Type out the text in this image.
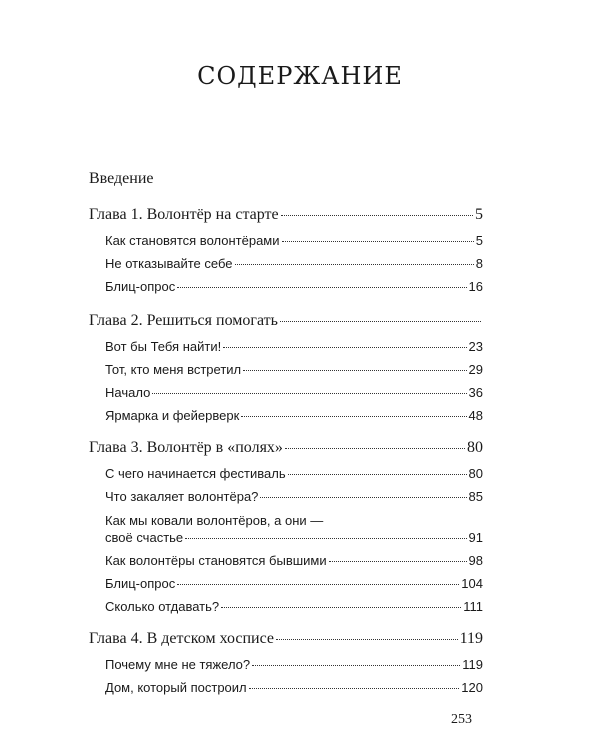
СОДЕРЖАНИЕ
Введение
Глава 1. Волонтёр на старте	5
Как становятся волонтёрами	5
Не отказывайте себе	8
Блиц-опрос	16
Глава 2. Решиться помогать
Вот бы Тебя найти!	23
Тот, кто меня встретил	29
Начало	36
Ярмарка и фейерверк	48
Глава 3. Волонтёр в «полях»	80
С чего начинается фестиваль	80
Что закаляет волонтёра?	85
Как мы ковали волонтёров, а они —
своё счастье	91
Как волонтёры становятся бывшими	98
Блиц-опрос	104
Сколько отдавать?	111
Глава 4. В детском хосписе	119
Почему мне не тяжело?	119
Дом, который построил	120
253
